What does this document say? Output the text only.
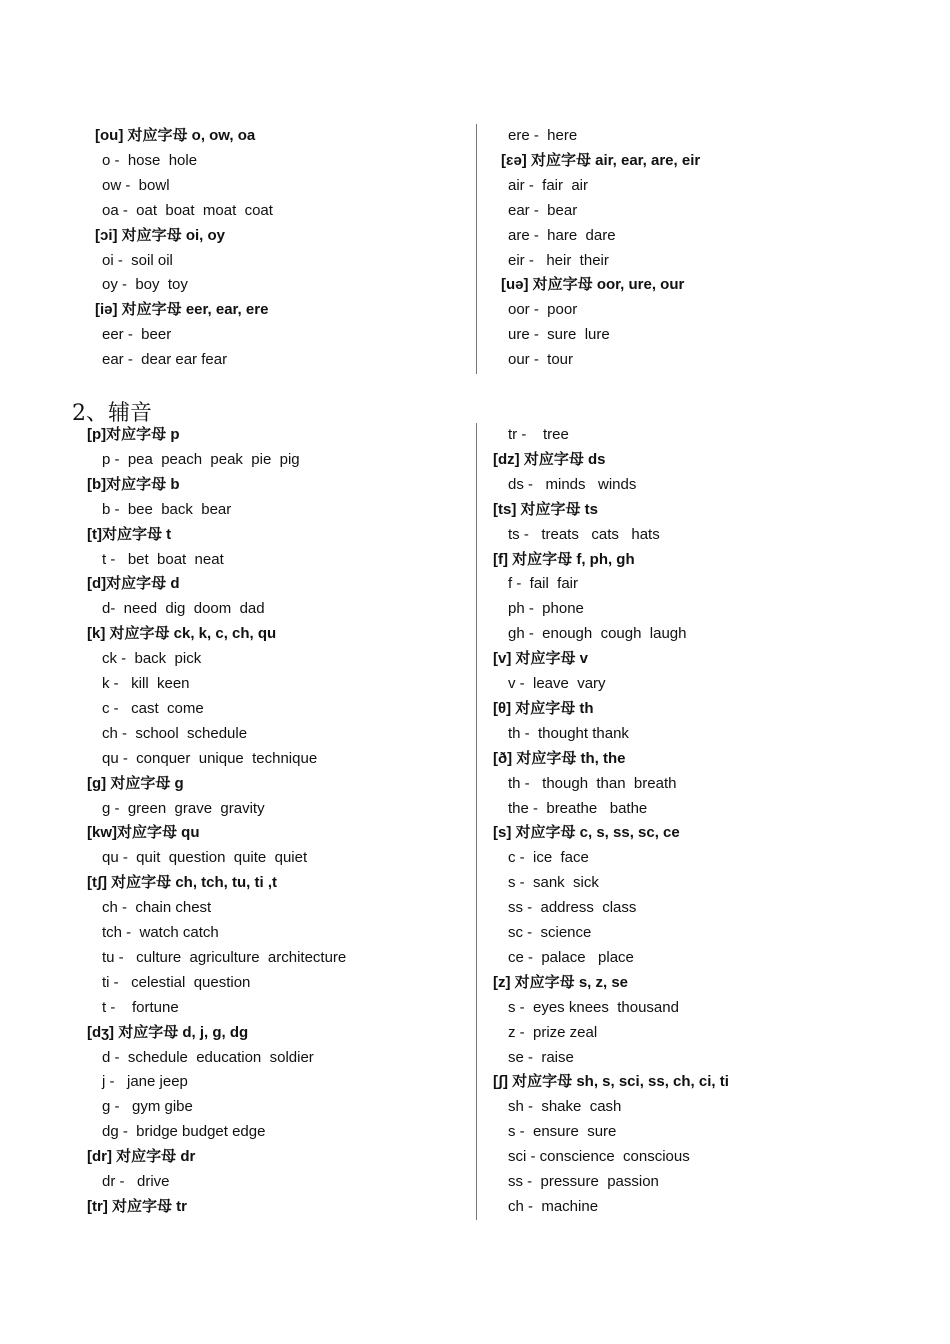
[ou] 对应字母 o, ow, oa
o -  hose  hole
ow -  bowl
oa -  oat  boat  moat  coat
[ɔi] 对应字母 oi, oy
oi -  soil oil
oy -  boy  toy
[iə] 对应字母 eer, ear, ere
eer -  beer
ear -  dear ear fear
ere -  here
[ɛə] 对应字母 air, ear, are, eir
air -  fair  air
ear -  bear
are -  hare  dare
eir -   heir  their
[uə] 对应字母 oor, ure, our
oor -  poor
ure -  sure  lure
our -  tour
2、辅音
[p]对应字母 p
p -  pea  peach  peak  pie  pig
[b]对应字母 b
b -  bee  back  bear
[t]对应字母 t
t -   bet  boat  neat
[d]对应字母 d
d-  need  dig  doom  dad
[k] 对应字母 ck, k, c, ch, qu
ck -  back  pick
k -   kill  keen
c -   cast  come
ch -  school  schedule
qu -  conquer  unique  technique
[g] 对应字母 g
g -  green  grave  gravity
[kw]对应字母 qu
qu -  quit  question  quite  quiet
[tʃ] 对应字母 ch, tch, tu, ti ,t
ch -  chain chest
tch -  watch catch
tu -   culture  agriculture  architecture
ti -   celestial  question
t -    fortune
[dʒ] 对应字母 d, j, g, dg
d -  schedule  education  soldier
j -   jane jeep
g -   gym gibe
dg -  bridge budget edge
[dr] 对应字母 dr
dr -   drive
[tr] 对应字母 tr
tr -    tree
[dz] 对应字母 ds
ds -   minds   winds
[ts] 对应字母 ts
ts -   treats   cats   hats
[f] 对应字母 f, ph, gh
f -  fail  fair
ph -  phone
gh -  enough  cough  laugh
[v] 对应字母 v
v -  leave  vary
[θ] 对应字母 th
th -  thought thank
[ð] 对应字母 th, the
th -   though  than  breath
the -  breathe   bathe
[s] 对应字母 c, s, ss, sc, ce
c -  ice  face
s -  sank  sick
ss -  address  class
sc -  science
ce -  palace   place
[z] 对应字母 s, z, se
s -  eyes knees  thousand
z -  prize zeal
se -  raise
[ʃ] 对应字母 sh, s, sci, ss, ch, ci, ti
sh -  shake  cash
s -  ensure  sure
sci - conscience  conscious
ss -  pressure  passion
ch -  machine
